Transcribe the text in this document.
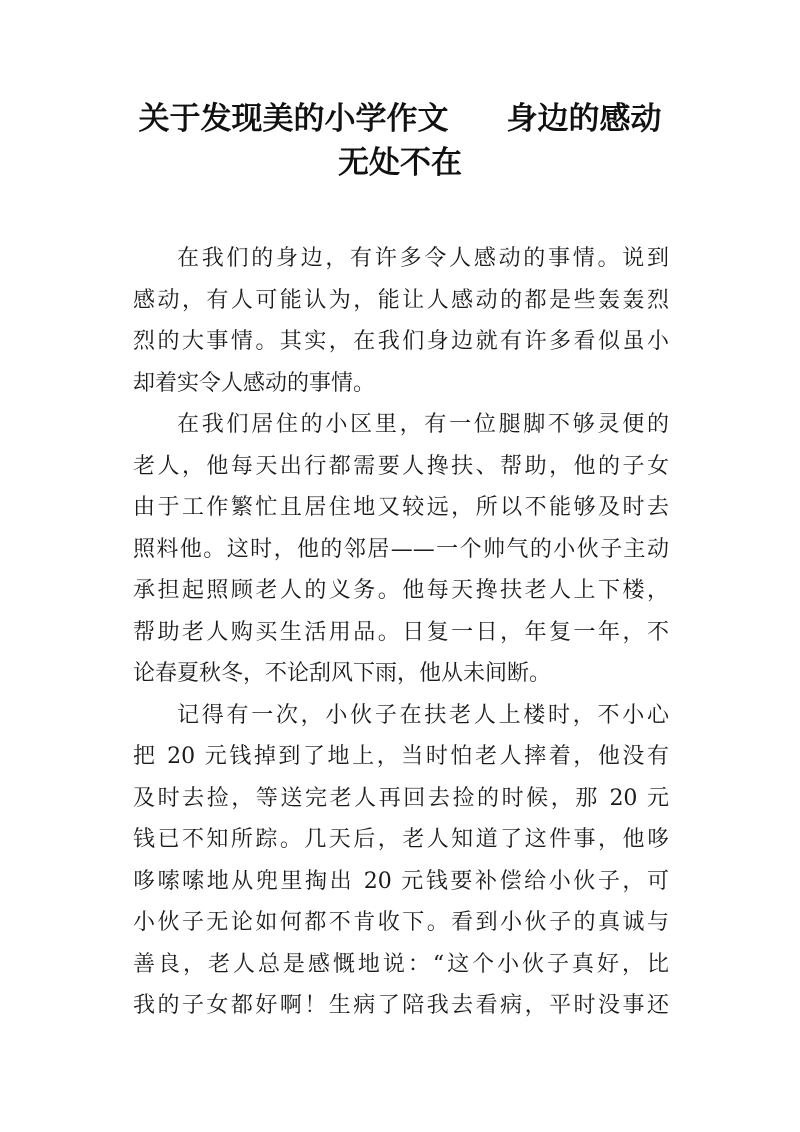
关于发现美的小学作文 身边的感动
无处不在
在我们的身边，有许多令人感动的事情。说到
感动，有人可能认为，能让人感动的都是些轰轰烈
烈的大事情。其实，在我们身边就有许多看似虽小
却着实令人感动的事情。
在我们居住的小区里，有一位腿脚不够灵便的
老人，他每天出行都需要人搀扶、帮助，他的子女
由于工作繁忙且居住地又较远，所以不能够及时去
照料他。这时，他的邻居——一个帅气的小伙子主动
承担起照顾老人的义务。他每天搀扶老人上下楼，
帮助老人购买生活用品。日复一日，年复一年，不
论春夏秋冬，不论刮风下雨，他从未间断。
记得有一次，小伙子在扶老人上楼时，不小心
把 20 元钱掉到了地上，当时怕老人摔着，他没有
及时去捡，等送完老人再回去捡的时候，那 20 元
钱已不知所踪。几天后，老人知道了这件事，他哆
哆嗦嗦地从兜里掏出 20 元钱要补偿给小伙子，可
小伙子无论如何都不肯收下。看到小伙子的真诚与
善良，老人总是感慨地说：“这个小伙子真好，比
我的子女都好啊！生病了陪我去看病，平时没事还
